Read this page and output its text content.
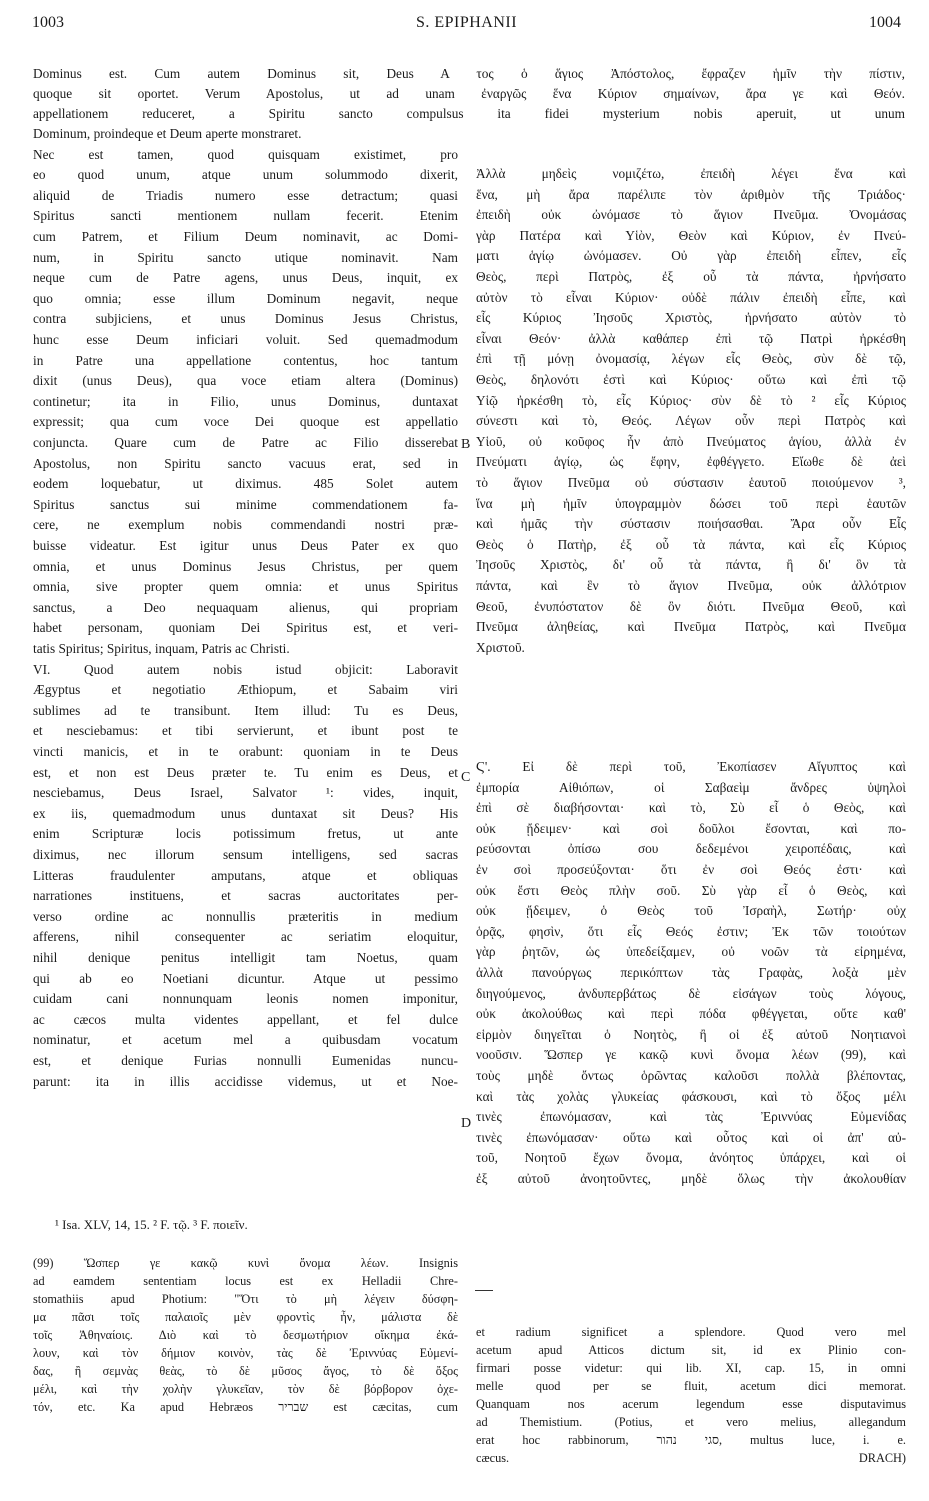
1003	S. EPIPHANII	1004
Dominus est. Cum autem Dominus sit, Deus A τος ὁ ἅγιος Ἀπόστολος, ἔφραζεν ἡμῖν τὴν πίστιν,
quoque sit oportet. Verum Apostolus, ut ad unam ἐναργῶς ἕνα Κύριον σημαίνων, ἄρα γε καὶ Θεόν.
appellationem reduceret, a Spiritu sancto compulsus ita fidei mysterium nobis aperuit, ut unum
Dominum, proindeque et Deum aperte monstraret.
Nec est tamen, quod quisquam existimet, pro
eo quod unum, atque unum solummodo dixerit,
aliquid de Triadis numero esse detractum; quasi
Spiritus sancti mentionem nullam fecerit. Etenim
cum Patrem, et Filium Deum nominavit, ac Domi-
num, in Spiritu sancto utique nominavit. Nam
neque cum de Patre agens, unus Deus, inquit, ex
quo omnia; esse illum Dominum negavit, neque
contra subjiciens, et unus Dominus Jesus Christus,
hunc esse Deum inficiari voluit. Sed quemadmodum
in Patre una appellatione contentus, hoc tantum
dixit (unus Deus), qua voce etiam altera (Dominus)
continetur; ita in Filio, unus Dominus, duntaxat
expressit; qua cum voce Dei quoque est appellatio
conjuncta. Quare cum de Patre ac Filio disserebat
Apostolus, non Spiritu sancto vacuus erat, sed in
eodem loquebatur, ut diximus. 485 Solet autem
Spiritus sanctus sui minime commendationem fa-
cere, ne exemplum nobis commendandi nostri præ-
buisse videatur. Est igitur unus Deus Pater ex quo
omnia, et unus Dominus Jesus Christus, per quem
omnia, sive propter quem omnia: et unus Spiritus
sanctus, a Deo nequaquam alienus, qui propriam
habet personam, quoniam Dei Spiritus est, et veri-
tatis Spiritus; Spiritus, inquam, Patris ac Christi.
VI. Quod autem nobis istud objicit: Laboravit
Ægyptus et negotiatio Æthiopum, et Sabaim viri
sublimes ad te transibunt. Item illud: Tu es Deus,
et nesciebamus: et tibi servierunt, et ibunt post te
vincti manicis, et in te orabunt: quoniam in te Deus
est, et non est Deus præter te. Tu enim es Deus, et
nesciebamus, Deus Israel, Salvator ¹: vides, inquit,
ex iis, quemadmodum unus duntaxat sit Deus? His
enim Scripturæ locis potissimum fretus, ut ante
diximus, nec illorum sensum intelligens, sed sacras
Litteras fraudulenter amputans, atque et obliquas
narrationes instituens, et sacras auctoritates per-
verso ordine ac nonnullis præteritis in medium
afferens, nihil consequenter ac seriatim eloquitur,
nihil denique penitus intelligit tam Noetus, quam
qui ab eo Noetiani dicuntur. Atque ut pessimo
cuidam cani nonnunquam leonis nomen imponitur,
ac cæcos multa videntes appellant, et fel dulce
nominatur, et acetum mel a quibusdam vocatum
est, et denique Furias nonnulli Eumenidas nuncu-
parunt: ita in illis accidisse videmus, ut et Noe-
Ἀλλὰ μηδεὶς νομιζέτω, ἐπειδὴ λέγει ἕνα καὶ
ἕνα, μὴ ἄρα παρέλιπε τὸν ἀριθμὸν τῆς Τριάδος·
ἐπειδὴ οὐκ ὠνόμασε τὸ ἅγιον Πνεῦμα. Ὀνομάσας
γὰρ Πατέρα καὶ Υἱὸν, Θεὸν καὶ Κύριον, ἐν Πνεύ-
ματι ἁγίῳ ὠνόμασεν. Οὐ γὰρ ἐπειδὴ εἶπεν, εἷς
Θεὸς, περὶ Πατρὸς, ἐξ οὗ τὰ πάντα, ἠρνήσατο
αὐτὸν τὸ εἶναι Κύριον· οὐδὲ πάλιν ἐπειδὴ εἶπε, καὶ
εἷς Κύριος Ἰησοῦς Χριστὸς, ἠρνήσατο αὐτὸν τὸ
εἶναι Θεόν· ἀλλὰ καθάπερ ἐπὶ τῷ Πατρὶ ἠρκέσθη
ἐπὶ τῇ μόνῃ ὀνομασίᾳ, λέγων εἷς Θεὸς, σὺν δὲ τῷ,
Θεὸς, δηλονότι ἐστὶ καὶ Κύριος· οὕτω καὶ ἐπὶ τῷ
Υἱῷ ἠρκέσθη τὸ, εἷς Κύριος· σὺν δὲ τὸ ² εἷς Κύριος
σύνεστι καὶ τὸ, Θεός. Λέγων οὖν περὶ Πατρὸς καὶ
Υἱοῦ, οὐ κοῦφος ἦν ἀπὸ Πνεύματος ἁγίου, ἀλλὰ ἐν
Πνεύματι ἁγίῳ, ὡς ἔφην, ἐφθέγγετο. Εἴωθε δὲ ἀεὶ
τὸ ἅγιον Πνεῦμα οὐ σύστασιν ἑαυτοῦ ποιούμενον ³,
ἵνα μὴ ἡμῖν ὑπογραμμὸν δώσει τοῦ περὶ ἑαυτῶν
καὶ ἡμᾶς τὴν σύστασιν ποιήσασθαι. Ἄρα οὖν Εἷς
Θεὸς ὁ Πατὴρ, ἐξ οὗ τὰ πάντα, καὶ εἷς Κύριος
Ἰησοῦς Χριστὸς, δι' οὗ τὰ πάντα, ἢ δι' ὃν τὰ
πάντα, καὶ ἓν τὸ ἅγιον Πνεῦμα, οὐκ ἀλλότριον
Θεοῦ, ἐνυπόστατον δὲ ὂν διότι. Πνεῦμα Θεοῦ, καὶ
Πνεῦμα ἀληθείας, καὶ Πνεῦμα Πατρὸς, καὶ Πνεῦμα
Χριστοῦ.
Ϛ'. Εἰ δὲ περὶ τοῦ, Ἐκοπίασεν Αἴγυπτος καὶ
ἐμπορία Αἰθιόπων, οἱ Σαβαεὶμ ἄνδρες ὑψηλοὶ
ἐπὶ σὲ διαβήσονται· καὶ τὸ, Σὺ εἶ ὁ Θεὸς, καὶ
οὐκ ᾔδειμεν· καὶ σοὶ δοῦλοι ἔσονται, καὶ πο-
ρεύσονται ὀπίσω σου δεδεμένοι χειροπέδαις, καὶ
ἐν σοὶ προσεύξονται· ὅτι ἐν σοὶ Θεός ἐστι· καὶ
οὐκ ἔστι Θεὸς πλὴν σοῦ. Σὺ γὰρ εἶ ὁ Θεὸς, καὶ
οὐκ ᾔδειμεν, ὁ Θεὸς τοῦ Ἰσραὴλ, Σωτήρ· οὐχ
ὁρᾷς, φησὶν, ὅτι εἷς Θεός ἐστιν; Ἐκ τῶν τοιούτων
γὰρ ῥητῶν, ὡς ὑπεδείξαμεν, οὐ νοῶν τὰ εἰρημένα,
ἀλλὰ πανούργως περικόπτων τὰς Γραφὰς, λοξὰ μὲν
διηγούμενος, ἀνδυπερβάτως δὲ εἰσάγων τοὺς λόγους,
οὐκ ἀκολούθως καὶ περὶ πόδα φθέγγεται, οὔτε καθ'
εἱρμὸν διηγεῖται ὁ Νοητὸς, ἢ οἱ ἐξ αὐτοῦ Νοητιανοὶ
νοοῦσιν. Ὥσπερ γε κακῷ κυνὶ ὄνομα λέων (99), καὶ
τοὺς μηδὲ ὄντως ὁρῶντας καλοῦσι πολλὰ βλέποντας,
καὶ τὰς χολὰς γλυκείας φάσκουσι, καὶ τὸ ὄξος μέλι
τινὲς ἐπωνόμασαν, καὶ τὰς Ἐριννύας Εὐμενίδας
τινὲς ἐπωνόμασαν· οὕτω καὶ οὗτος καὶ οἱ ἀπ' αὐ-
τοῦ, Νοητοῦ ἔχων ὄνομα, ἀνόητος ὑπάρχει, καὶ οἱ
ἐξ αὐτοῦ ἀνοητοῦντες, μηδὲ ὅλως τὴν ἀκολουθίαν
B
C
D
¹ Isa. XLV, 14, 15. ² F. τῷ. ³ F. ποιεῖν.
(99) Ὥσπερ γε κακῷ κυνὶ ὄνομα λέων. Insignis
ad eamdem sententiam locus est ex Helladii Chre-
stomathiis apud Photium: "Ὅτι τὸ μὴ λέγειν δύσφη-
μα πᾶσι τοῖς παλαιοῖς μὲν φροντὶς ἦν, μάλιστα δὲ
τοῖς Ἀθηναίοις. Διὸ καὶ τὸ δεσμωτήριον οἴκημα ἐκά-
λουν, καὶ τὸν δήμιον κοινὸν, τὰς δὲ Ἐριννύας Εὐμενί-
δας, ἢ σεμνὰς θεὰς, τὸ δὲ μῦσος ἄγος, τὸ δὲ ὄξος
μέλι, καὶ τὴν χολὴν γλυκεῖαν, τὸν δὲ βόρβορον ὀχε-
τόν, etc. Ka apud Hebræos שבריר est cæcitas, cum
et radium significet a splendore. Quod vero mel
acetum apud Atticos dictum sit, id ex Plinio con-
firmari posse videtur: qui lib. XI, cap. 15, in omni
melle quod per se fluit, acetum dici memorat.
Quanquam nos acerum legendum esse disputavimus
ad Themistium. (Potius, et vero melius, allegandum
erat hoc rabbinorum, סגי נהור, multus luce, i. e.
cæcus. DRACH)
